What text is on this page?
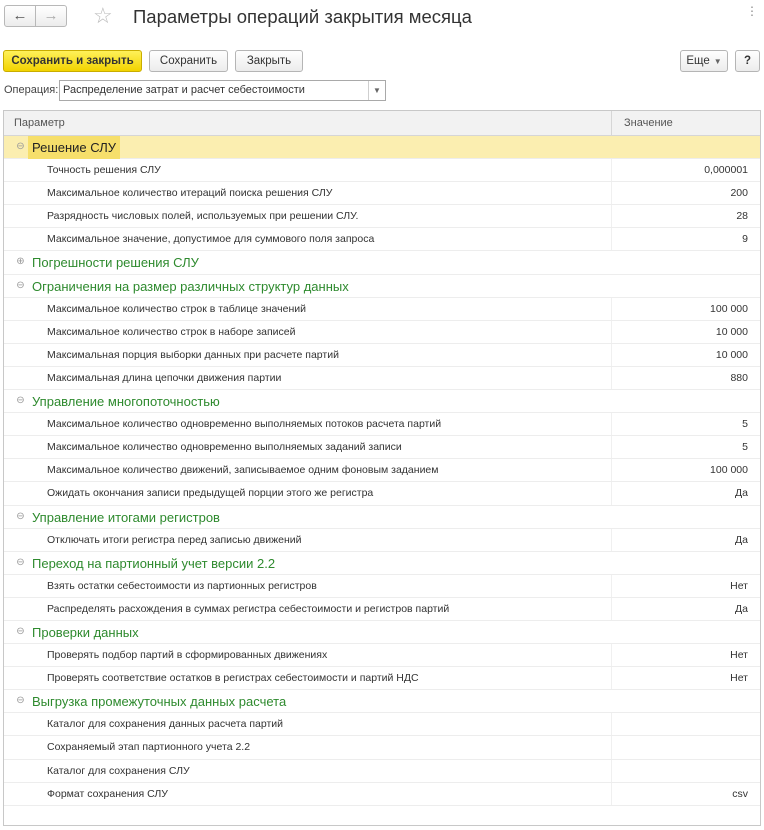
←	→	☆ Параметры операций закрытия месяца	⋮
Сохранить и закрыть	Сохранить	Закрыть	Еще ▼	?
Операция: Распределение затрат и расчет себестоимости	▼
Параметр	Значение
⊖ Решение СЛУ
Точность решения СЛУ	0,000001
Максимальное количество итераций поиска решения СЛУ	200
Разрядность числовых полей, используемых при решении СЛУ.	28
Максимальное значение, допустимое для суммового поля запроса	9
⊕ Погрешности решения СЛУ
⊖ Ограничения на размер различных структур данных
Максимальное количество строк в таблице значений	100 000
Максимальное количество строк в наборе записей	10 000
Максимальная порция выборки данных при расчете партий	10 000
Максимальная длина цепочки движения партии	880
⊖ Управление многопоточностью
Максимальное количество одновременно выполняемых потоков расчета партий	5
Максимальное количество одновременно выполняемых заданий записи	5
Максимальное количество движений, записываемое одним фоновым заданием	100 000
Ожидать окончания записи предыдущей порции этого же регистра	Да
⊖ Управление итогами регистров
Отключать итоги регистра перед записью движений	Да
⊖ Переход на партионный учет версии 2.2
Взять остатки себестоимости из партионных регистров	Нет
Распределять расхождения в суммах регистра себестоимости и регистров партий	Да
⊖ Проверки данных
Проверять подбор партий в сформированных движениях	Нет
Проверять соответствие остатков в регистрах себестоимости и партий НДС	Нет
⊖ Выгрузка промежуточных данных расчета
Каталог для сохранения данных расчета партий
Сохраняемый этап партионного учета 2.2
Каталог для сохранения СЛУ
Формат сохранения СЛУ	csv
